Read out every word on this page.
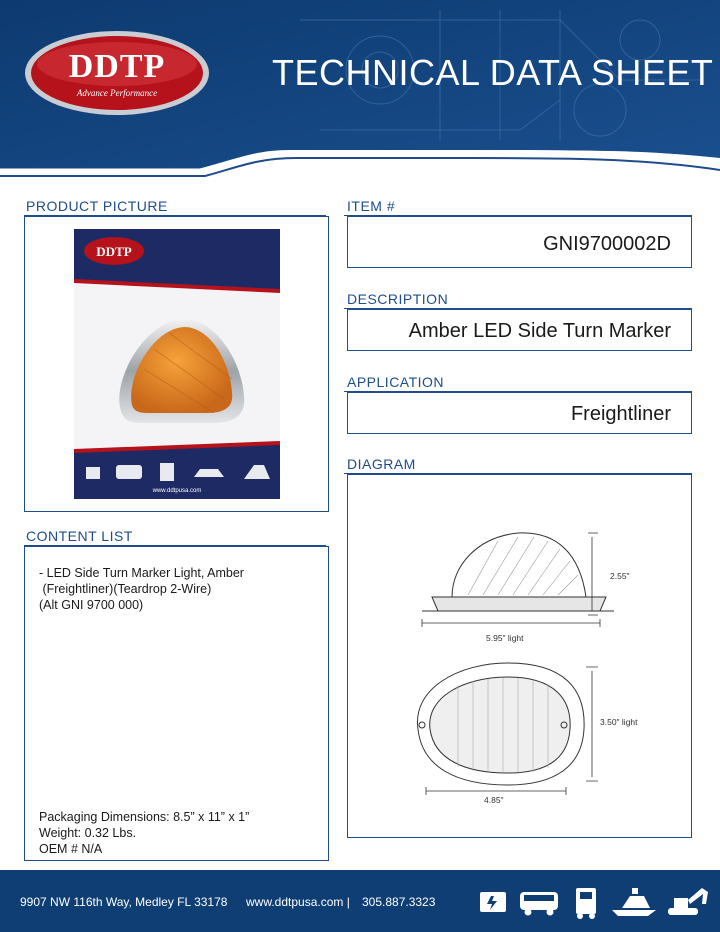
DDTP
Advance Performance	TECHNICAL DATA SHEET
PRODUCT PICTURE
DDTP
www.ddtpusa.com
ITEM #
GNI9700002D
DESCRIPTION
Amber LED Side Turn Marker
APPLICATION
Freightliner
DIAGRAM
2.55"
5.95" light
3.50" light
4.85"
CONTENT LIST
- LED Side Turn Marker Light, Amber
(Freightliner)(Teardrop 2-Wire)
(Alt GNI 9700 000)
Packaging Dimensions: 8.5” x 11” x 1”
Weight: 0.32 Lbs.
OEM # N/A
9907 NW 116th Way, Medley FL 33178 www.ddtpusa.com | 305.887.3323
